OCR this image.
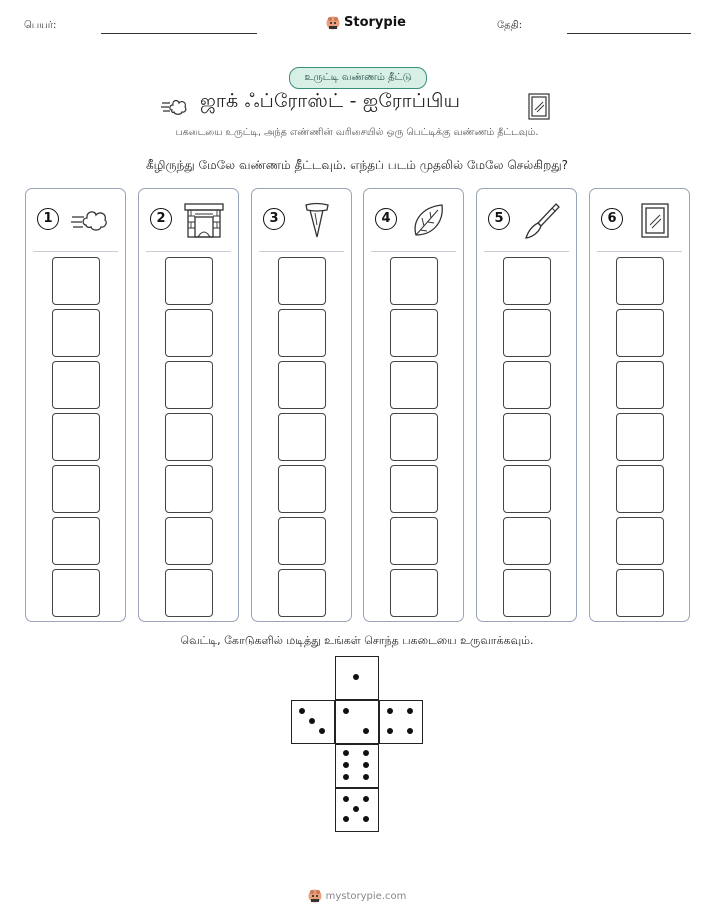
பெயர்:	Storypie	தேதி:
உருட்டி வண்ணம் தீட்டு
ஜாக் ஃப்ரோஸ்ட் - ஐரோப்பிய
பகடையை உருட்டி, அந்த எண்ணின் வரிசையில் ஒரு பெட்டிக்கு வண்ணம் தீட்டவும்.
கீழிருந்து மேலே வண்ணம் தீட்டவும். எந்தப் படம் முதலில் மேலே செல்கிறது?
1	2	3	4	5	6
வெட்டி, கோடுகளில் மடித்து உங்கள் சொந்த பகடையை உருவாக்கவும்.
mystorypie.com
